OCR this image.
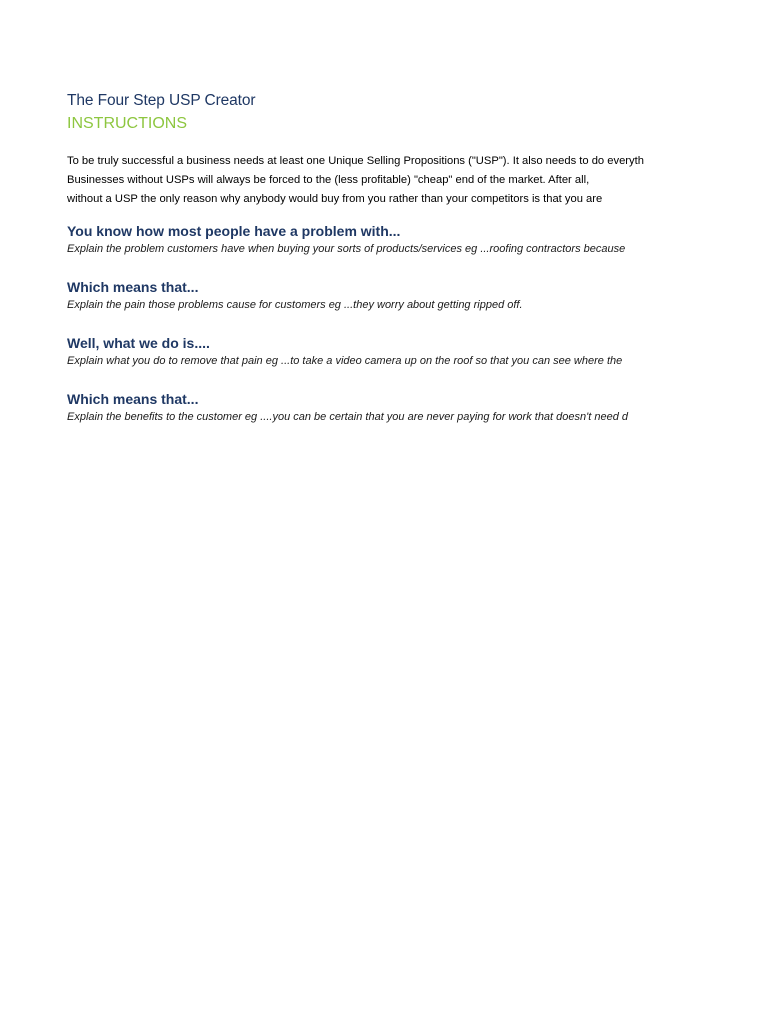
The Four Step USP Creator
INSTRUCTIONS

To be truly successful a business needs at least one Unique Selling Propositions ("USP"). It also needs to do everyth
Businesses without USPs will always be forced to the (less profitable) "cheap" end of the market. After all,
without a USP the only reason why anybody would buy from you rather than your competitors is that you are

You know how most people have a problem with...

Explain the problem customers have when buying your sorts of products/services eg ...roofing contractors because

Which means that...

Explain the pain those problems cause for customers eg ...they worry about getting ripped off.

Well, what we do is....

Explain what you do to remove that pain eg ...to take a video camera up on the roof so that you can see where the

Which means that...

Explain the benefits to the customer eg ....you can be certain that you are never paying for work that doesn't need d
